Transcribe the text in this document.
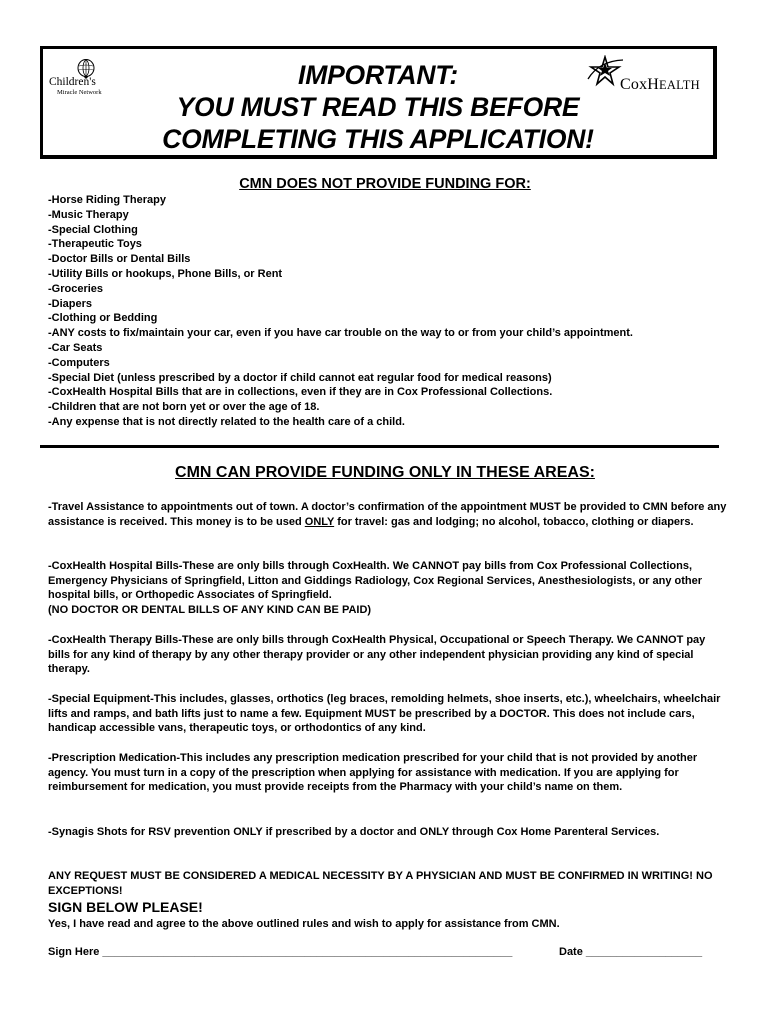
Children's
Miracle Network
IMPORTANT:
YOU MUST READ THIS BEFORE
COMPLETING THIS APPLICATION!
CoxHEALTH
CMN DOES NOT PROVIDE FUNDING FOR:
-Horse Riding Therapy
-Music Therapy
-Special Clothing
-Therapeutic Toys
-Doctor Bills or Dental Bills
-Utility Bills or hookups, Phone Bills, or Rent
-Groceries
-Diapers
-Clothing or Bedding
-ANY costs to fix/maintain your car, even if you have car trouble on the way to or from your child’s appointment.
-Car Seats
-Computers
-Special Diet (unless prescribed by a doctor if child cannot eat regular food for medical reasons)
-CoxHealth Hospital Bills that are in collections, even if they are in Cox Professional Collections.
-Children that are not born yet or over the age of 18.
-Any expense that is not directly related to the health care of a child.
CMN CAN PROVIDE FUNDING ONLY IN THESE AREAS:

-Travel Assistance to appointments out of town. A doctor’s confirmation of the appointment MUST be provided to CMN before any assistance is received. This money is to be used ONLY for travel: gas and lodging; no alcohol, tobacco, clothing or diapers.

-CoxHealth Hospital Bills-These are only bills through CoxHealth. We CANNOT pay bills from Cox Professional Collections, Emergency Physicians of Springfield, Litton and Giddings Radiology, Cox Regional Services, Anesthesiologists, or any other hospital bills, or Orthopedic Associates of Springfield.
(NO DOCTOR OR DENTAL BILLS OF ANY KIND CAN BE PAID)

-CoxHealth Therapy Bills-These are only bills through CoxHealth Physical, Occupational or Speech Therapy. We CANNOT pay bills for any kind of therapy by any other therapy provider or any other independent physician providing any kind of special therapy.

-Special Equipment-This includes, glasses, orthotics (leg braces, remolding helmets, shoe inserts, etc.), wheelchairs, wheelchair lifts and ramps, and bath lifts just to name a few. Equipment MUST be prescribed by a DOCTOR. This does not include cars, handicap accessible vans, therapeutic toys, or orthodontics of any kind.

-Prescription Medication-This includes any prescription medication prescribed for your child that is not provided by another agency. You must turn in a copy of the prescription when applying for assistance with medication. If you are applying for reimbursement for medication, you must provide receipts from the Pharmacy with your child’s name on them.

-Synagis Shots for RSV prevention ONLY if prescribed by a doctor and ONLY through Cox Home Parenteral Services.

ANY REQUEST MUST BE CONSIDERED A MEDICAL NECESSITY BY A PHYSICIAN AND MUST BE CONFIRMED IN WRITING! NO EXCEPTIONS!

SIGN BELOW PLEASE!

Yes, I have read and agree to the above outlined rules and wish to apply for assistance from CMN.

Sign Here ___________________________________________________________________	Date ___________________
